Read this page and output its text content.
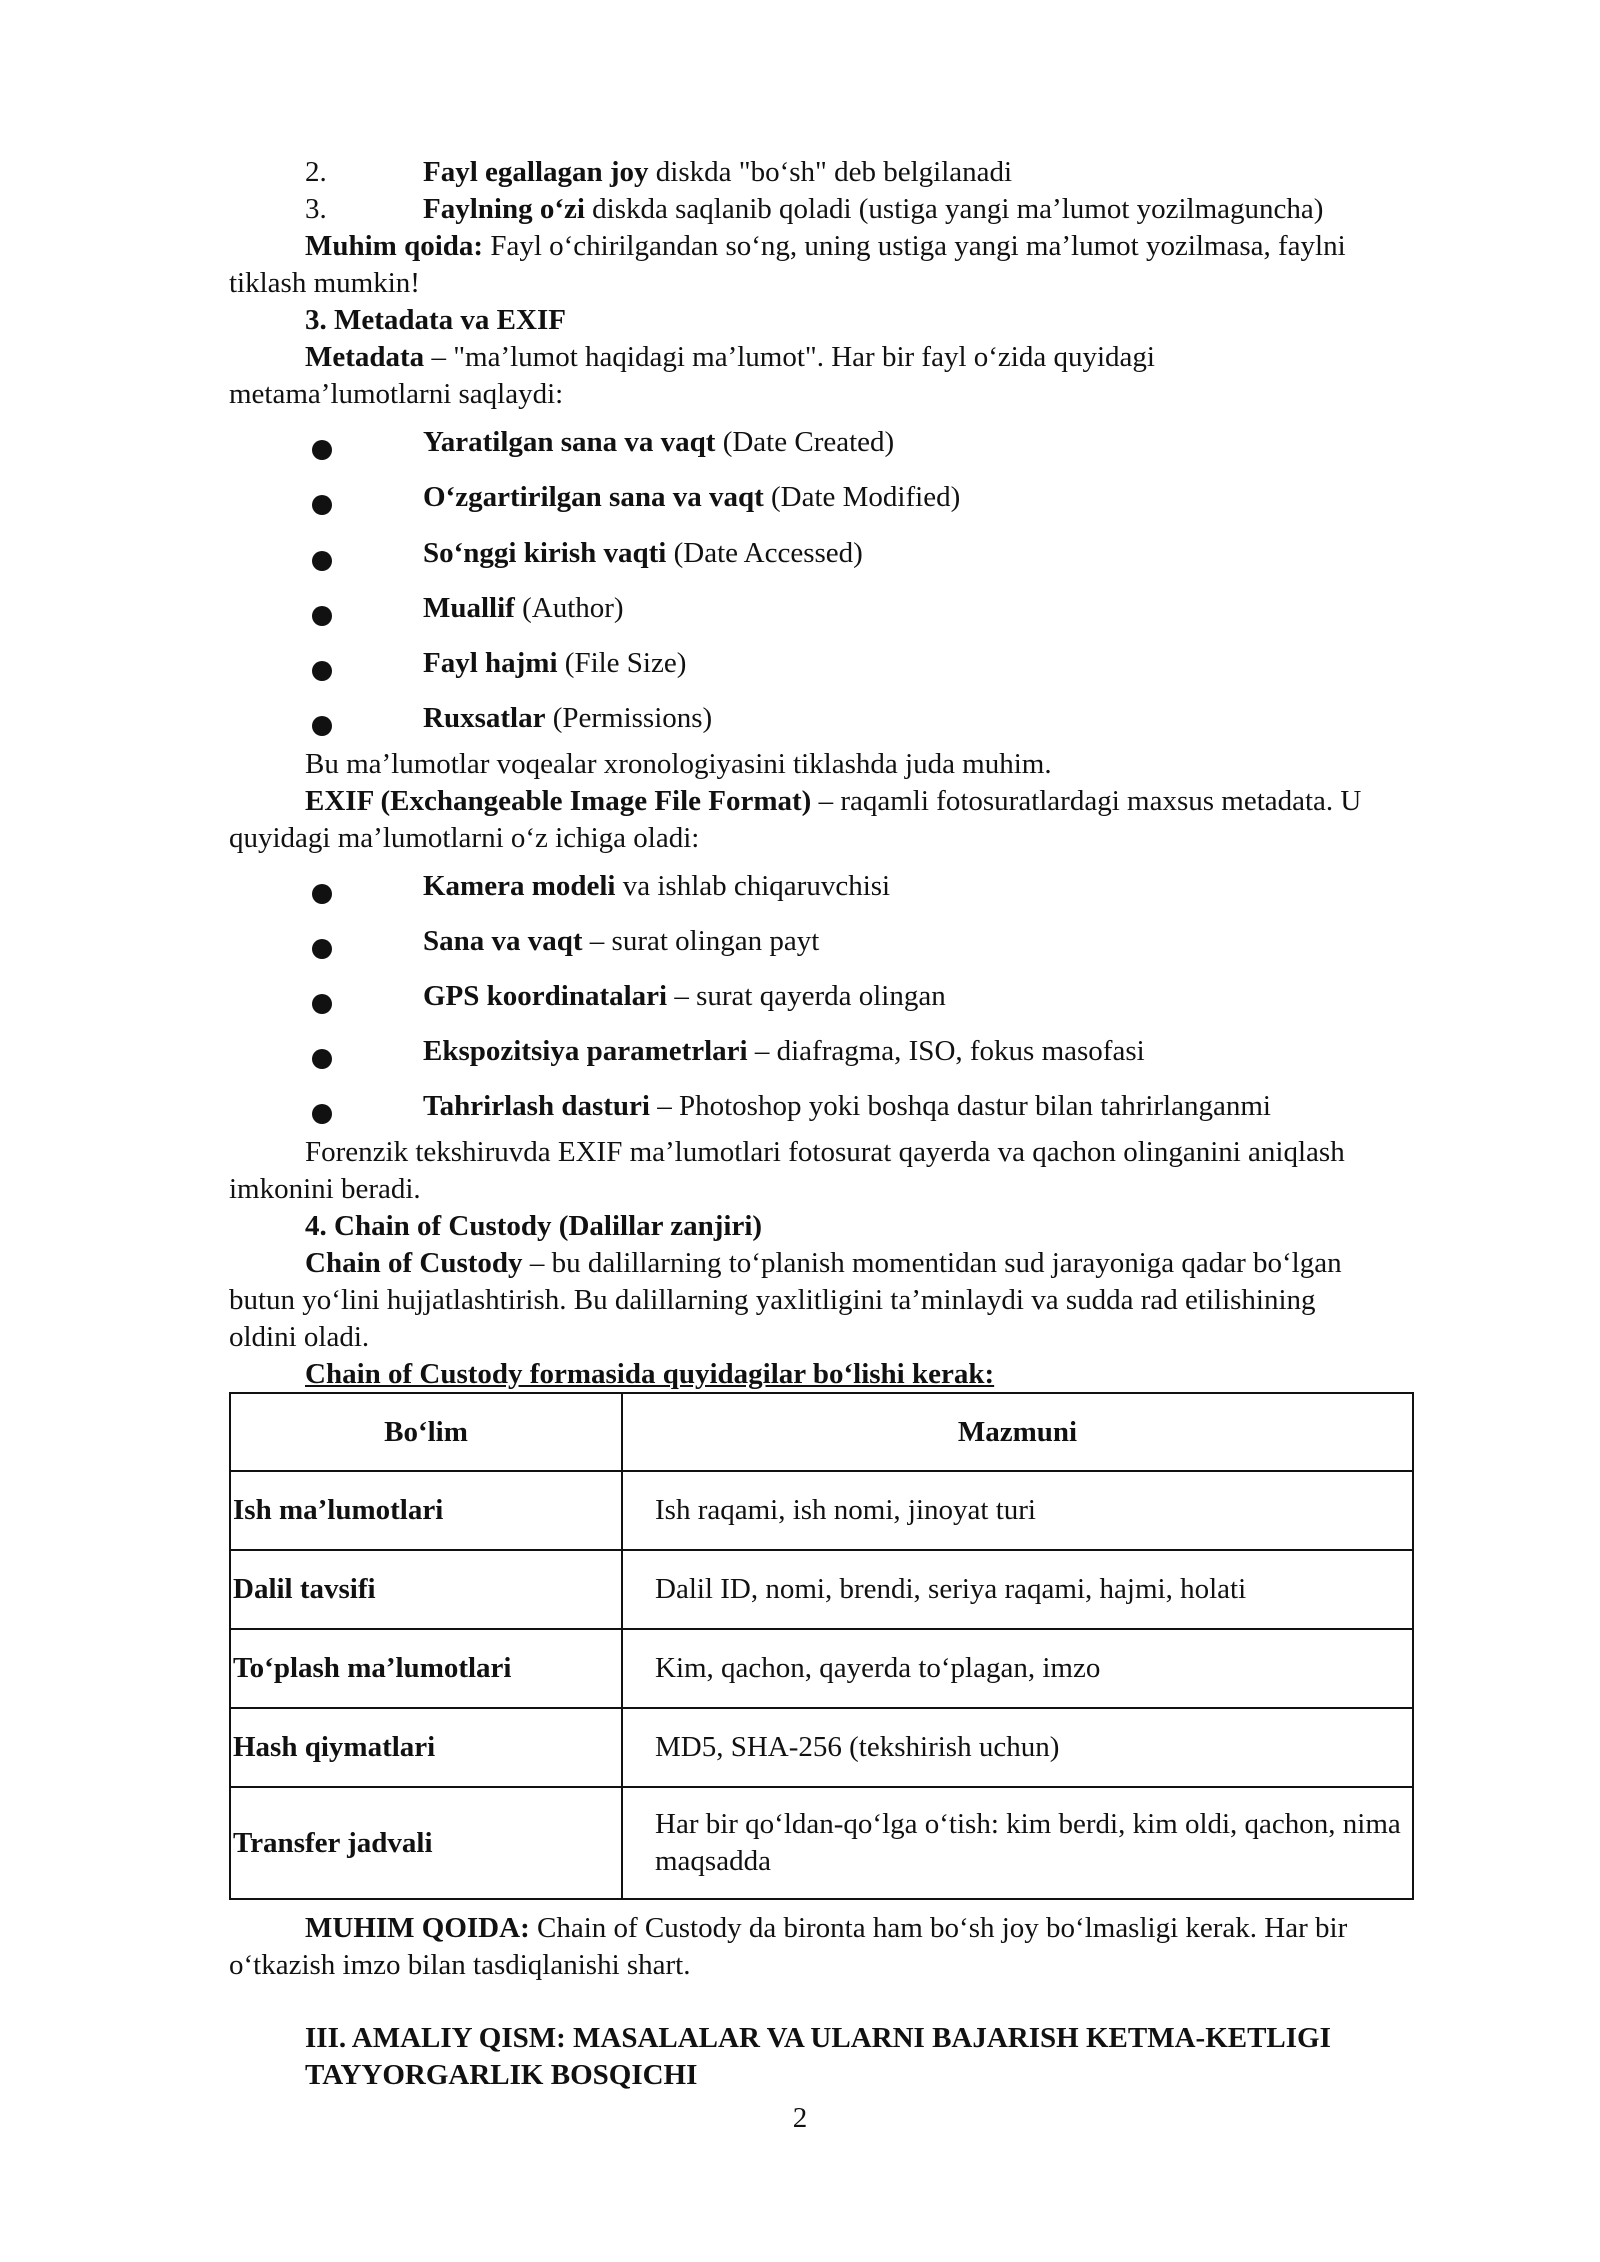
2.	Fayl egallagan joy diskda "bo‘sh" deb belgilanadi
3.	Faylning o‘zi diskda saqlanib qoladi (ustiga yangi ma’lumot yozilmaguncha)
Muhim qoida: Fayl o‘chirilgandan so‘ng, uning ustiga yangi ma’lumot yozilmasa, faylni
tiklash mumkin!
3. Metadata va EXIF
Metadata – "ma’lumot haqidagi ma’lumot". Har bir fayl o‘zida quyidagi
metama’lumotlarni saqlaydi:
Yaratilgan sana va vaqt (Date Created)
O‘zgartirilgan sana va vaqt (Date Modified)
So‘nggi kirish vaqti (Date Accessed)
Muallif (Author)
Fayl hajmi (File Size)
Ruxsatlar (Permissions)
Bu ma’lumotlar voqealar xronologiyasini tiklashda juda muhim.
EXIF (Exchangeable Image File Format) – raqamli fotosuratlardagi maxsus metadata. U
quyidagi ma’lumotlarni o‘z ichiga oladi:
Kamera modeli va ishlab chiqaruvchisi
Sana va vaqt – surat olingan payt
GPS koordinatalari – surat qayerda olingan
Ekspozitsiya parametrlari – diafragma, ISO, fokus masofasi
Tahrirlash dasturi – Photoshop yoki boshqa dastur bilan tahrirlanganmi
Forenzik tekshiruvda EXIF ma’lumotlari fotosurat qayerda va qachon olinganini aniqlash
imkonini beradi.
4. Chain of Custody (Dalillar zanjiri)
Chain of Custody – bu dalillarning to‘planish momentidan sud jarayoniga qadar bo‘lgan
butun yo‘lini hujjatlashtirish. Bu dalillarning yaxlitligini ta’minlaydi va sudda rad etilishining
oldini oladi.
Chain of Custody formasida quyidagilar bo‘lishi kerak:
Bo‘lim	Mazmuni
Ish ma’lumotlari	Ish raqami, ish nomi, jinoyat turi
Dalil tavsifi	Dalil ID, nomi, brendi, seriya raqami, hajmi, holati
To‘plash ma’lumotlari	Kim, qachon, qayerda to‘plagan, imzo
Hash qiymatlari	MD5, SHA-256 (tekshirish uchun)
Transfer jadvali	Har bir qo‘ldan-qo‘lga o‘tish: kim berdi, kim oldi, qachon, nima maqsadda
MUHIM QOIDA: Chain of Custody da bironta ham bo‘sh joy bo‘lmasligi kerak. Har bir
o‘tkazish imzo bilan tasdiqlanishi shart.
III. AMALIY QISM: MASALALAR VA ULARNI BAJARISH KETMA-KETLIGI
TAYYORGARLIK BOSQICHI
2
